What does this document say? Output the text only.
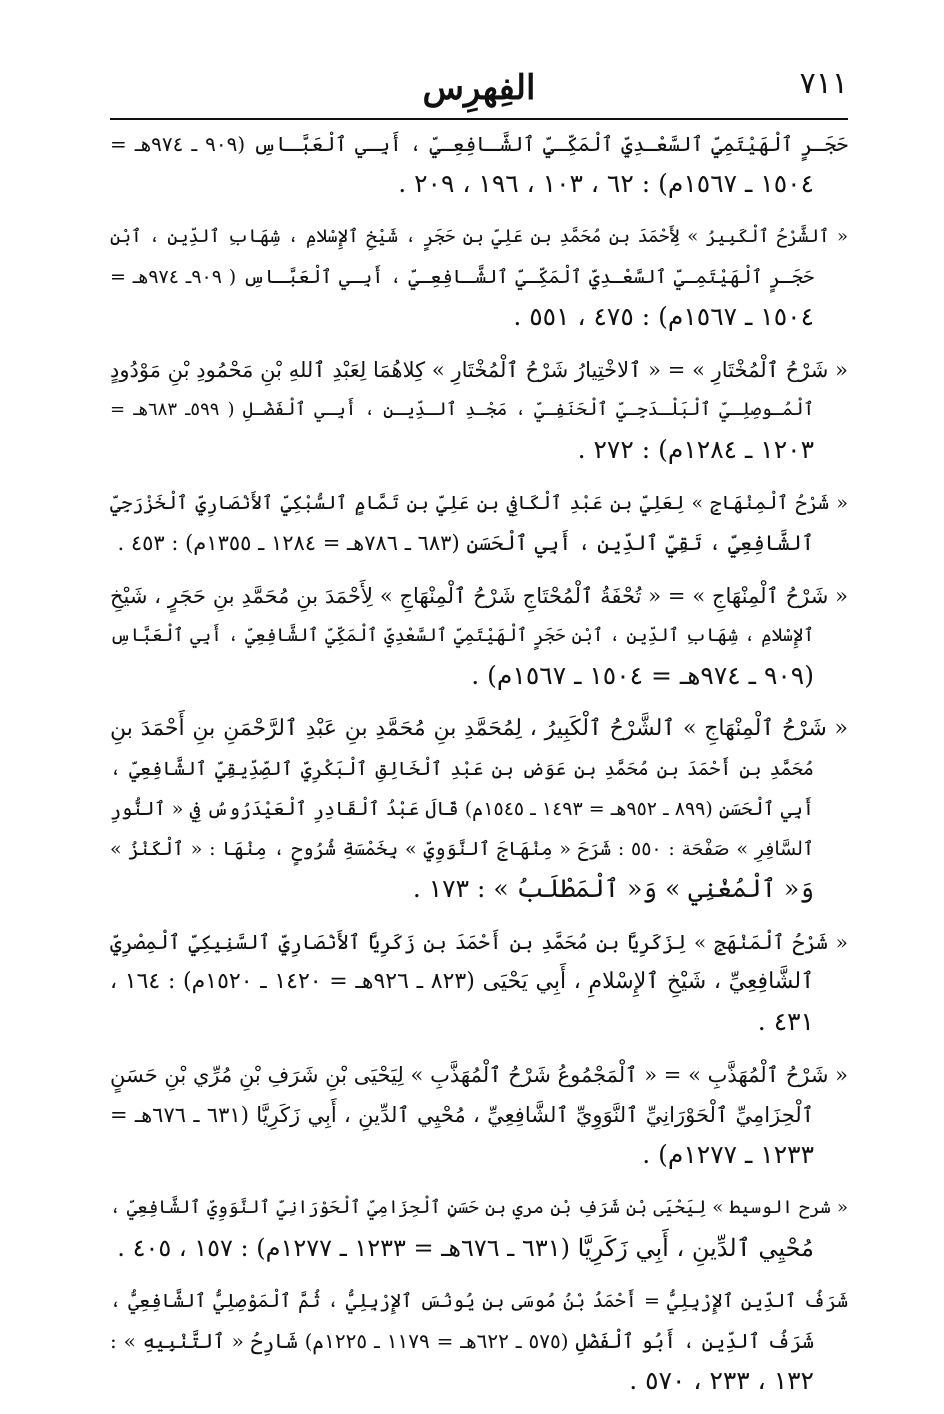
الفِهرِس	٧١١
حَجَـرٍ ٱلْهَيْتَمِيِّ ٱلسَّعْـدِيِّ ٱلْمَكِّـيِّ ٱلشَّـافِعِـيِّ ، أَبِـي ٱلْعَبَّـاسِ (٩٠٩ ـ ٩٧٤هـ =
١٥٠٤ ـ ١٥٦٧م) : ٦٢ ، ١٠٣ ، ١٩٦ ، ٢٠٩ .
« ٱلشَّرْحُ ٱلْكَبِيرُ » لِأَحْمَدَ بنِ مُحَمَّدِ بنِ عَلِيِّ بنِ حَجَرٍ ، شَيْخِ ٱلإِسْلامِ ، شِهَابِ ٱلدِّينِ ، ٱبْنِ
حَجَـرٍ ٱلْهَيْتَمِـيِّ ٱلسَّعْـدِيِّ ٱلْمَكِّـيِّ ٱلشَّـافِعِـيِّ ، أَبِـي ٱلْعَبَّـاسِ ( ٩٠٩ـ ٩٧٤هـ =
١٥٠٤ ـ ١٥٦٧م) : ٤٧٥ ، ٥٥١ .
« شَرْحُ ٱلْمُخْتَارِ » = « ٱلاخْتِيارُ شَرْحُ ٱلْمُخْتَارِ » كِلاهُمَا لِعَبْدِ ٱللهِ بْنِ مَحْمُودِ بْنِ مَوْدُودٍ
ٱلْمُـوصِلِـيِّ ٱلْبَلْـدَجِـيِّ ٱلْحَنَفِـيِّ ، مَجْـدِ ٱلـدِّيـنِ ، أَبِـي ٱلْفَضْـلِ ( ٥٩٩ـ ٦٨٣هـ =
١٢٠٣ ـ ١٢٨٤م) : ٢٧٢ .
« شَرْحُ ٱلْمِنْهَاجِ » لِعَلِيِّ بنِ عَبْدِ ٱلْكَافِي بنِ عَلِيِّ بنِ تَمَّامٍ ٱلسُّبْكِيِّ ٱلأَنْصَارِيِّ ٱلْخَزْرَجِيِّ
ٱلشَّافِعِيِّ ، تَقِيِّ ٱلدِّينِ ، أَبِي ٱلْحَسَنِ (٦٨٣ ـ ٧٨٦هـ = ١٢٨٤ ـ ١٣٥٥م) : ٤٥٣ .
« شَرْحُ ٱلْمِنْهَاجِ » = « تُحْفَةُ ٱلْمُحْتَاجِ شَرْحُ ٱلْمِنْهَاجِ » لِأَحْمَدَ بنِ مُحَمَّدِ بنِ حَجَرٍ ، شَيْخِ
ٱلإِسْلامِ ، شِهَابِ ٱلدِّينِ ، ٱبْنِ حَجَرٍ ٱلْهَيْتَمِيِّ ٱلسَّعْدِيِّ ٱلْمَكِّيِّ ٱلشَّافِعِيِّ ، أَبِي ٱلْعَبَّاسِ
(٩٠٩ ـ ٩٧٤هـ = ١٥٠٤ ـ ١٥٦٧م) .
« شَرْحُ ٱلْمِنْهَاجِ » ٱلشَّرْحُ ٱلْكَبِيرُ ، لِمُحَمَّدِ بنِ مُحَمَّدِ بنِ عَبْدِ ٱلرَّحْمَنِ بنِ أَحْمَدَ بنِ
مُحَمَّدِ بنِ أَحْمَدَ بنِ مُحَمَّدِ بنِ عَوَضِ بنِ عَبْدِ ٱلْخَالِقِ ٱلْبَكْرِيِّ ٱلصِّدِّيقِيِّ ٱلشَّافِعِيِّ ،
أَبِي ٱلْحَسَنِ (٨٩٩ ـ ٩٥٢هـ = ١٤٩٣ ـ ١٥٤٥م) قَالَ عَبْدُ ٱلْقَادِرِ ٱلْعَيْدَرُوسُ فِي « ٱلنُّورِ
ٱلسَّافِرِ » صَفْحَة : ٥٥٠ : شَرَحَ « مِنْهَاجَ ٱلنَّوَوِيِّ » بِخَمْسَةِ شُرُوحٍ ، مِنْهَا : « ٱلْكَنْزُ »
وَ« ٱلْمُغْنِي » وَ« ٱلْمَطْلَبُ » : ١٧٣ .
« شَرْحُ ٱلْمَنْهَجِ » لِزَكَرِيَّا بنِ مُحَمَّدِ بنِ أَحْمَدَ بنِ زَكَرِيَّا ٱلأَنْصَارِيِّ ٱلسَّنِيكِيِّ ٱلْمِصْرِيِّ
ٱلشَّافِعِيِّ ، شَيْخِ ٱلإِسْلامِ ، أَبِي يَحْيَى (٨٢٣ ـ ٩٢٦هـ = ١٤٢٠ ـ ١٥٢٠م) : ١٦٤ ،
٤٣١ .
« شَرْحُ ٱلْمُهَذَّبِ » = « ٱلْمَجْمُوعُ شَرْحُ ٱلْمُهَذَّبِ » لِيَحْيَى بْنِ شَرَفِ بْنِ مُرِّي بْنِ حَسَنٍ
ٱلْحِزَامِيِّ ٱلْحَوْرَانِيِّ ٱلنَّوَوِيِّ ٱلشَّافِعِيِّ ، مُحْيِي ٱلدِّينِ ، أَبِي زَكَرِيَّا (٦٣١ ـ ٦٧٦هـ =
١٢٣٣ ـ ١٢٧٧م) .
« شرح الوسيط » لِيَحْيَى بْنِ شَرَفِ بْنِ مري بن حَسَنٍ ٱلْحِزَامِيِّ ٱلْحَوْرَانِيِّ ٱلنَّوَوِيِّ ٱلشَّافِعِيِّ ،
مُحْيِي ٱلدِّينِ ، أَبِي زَكَرِيَّا (٦٣١ ـ ٦٧٦هـ = ١٢٣٣ ـ ١٢٧٧م) : ١٥٧ ، ٤٠٥ .
شَرَفُ ٱلدِّينِ ٱلإِرْبِلِيُّ = أَحْمَدُ بْنُ مُوسَى بنِ يُونُسَ ٱلإِرْبِلِيُّ ، ثُمَّ ٱلْمَوْصِلِيُّ ٱلشَّافِعِيُّ ،
شَرَفُ ٱلدِّينِ ، أَبُو ٱلْفَضْلِ (٥٧٥ ـ ٦٢٢هـ = ١١٧٩ ـ ١٢٢٥م) شَارِحُ « ٱلتَّنْبِيهِ » :
١٣٢ ، ٢٣٣ ، ٥٧٠ .
